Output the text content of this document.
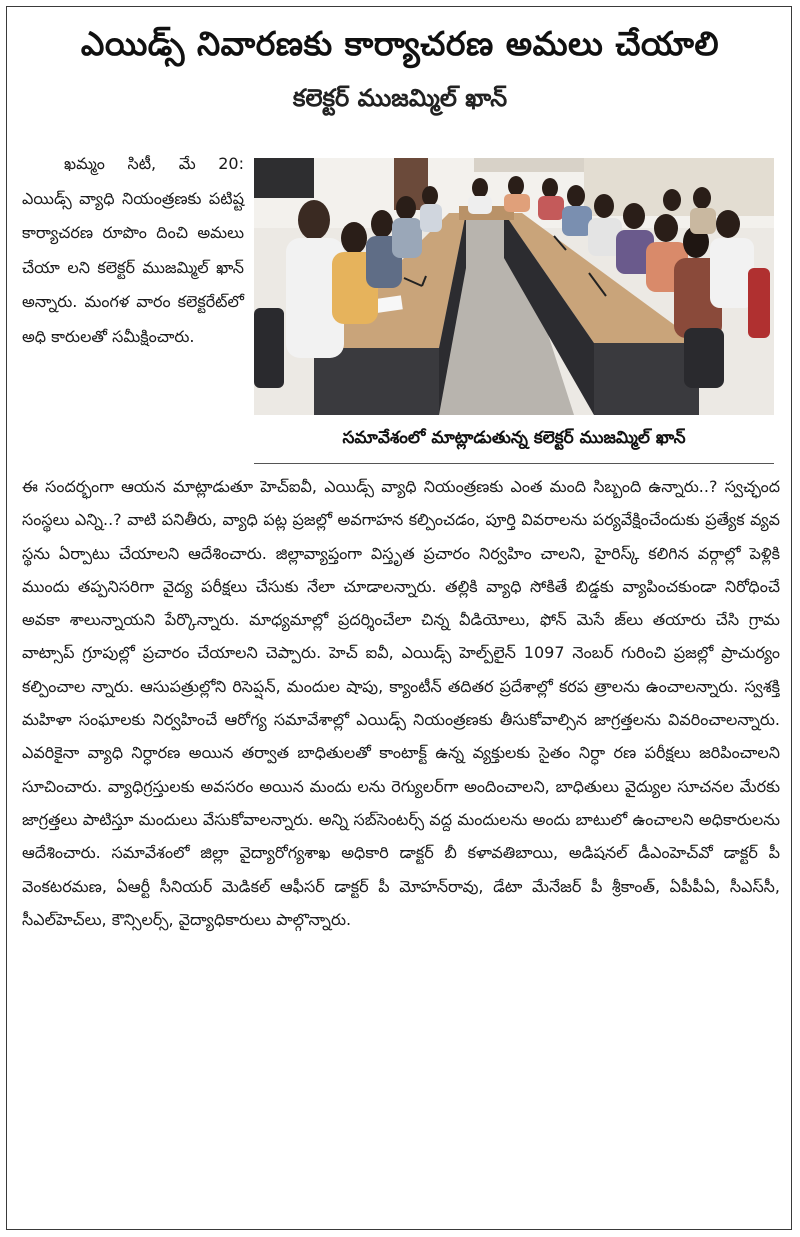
ఎయిడ్స్ నివారణకు కార్యాచరణ అమలు చేయాలి
కలెక్టర్ ముజమ్మిల్ ఖాన్

ఖమ్మం సిటీ, మే 20: ఎయిడ్స్ వ్యాధి నియంత్రణకు పటిష్ట కార్యాచరణ రూపొం దించి అమలు చేయా లని కలెక్టర్ ముజమ్మిల్ ఖాన్ అన్నారు. మంగళ వారం కలెక్టరేట్‌లో అధి కారులతో సమీక్షించారు.

సమావేశంలో మాట్లాడుతున్న కలెక్టర్ ముజమ్మిల్ ఖాన్

ఈ సందర్భంగా ఆయన మాట్లాడుతూ హెచ్ఐవీ, ఎయిడ్స్ వ్యాధి నియంత్రణకు ఎంత మంది సిబ్బంది ఉన్నారు..? స్వచ్ఛంద సంస్థలు ఎన్ని..? వాటి పనితీరు, వ్యాధి పట్ల ప్రజల్లో అవగాహన కల్పించడం, పూర్తి వివరాలను పర్యవేక్షించేందుకు ప్రత్యేక వ్యవ స్థను ఏర్పాటు చేయాలని ఆదేశించారు. జిల్లావ్యాప్తంగా విస్తృత ప్రచారం నిర్వహిం చాలని, హైరిస్క్ కలిగిన వర్గాల్లో పెళ్లికి ముందు తప్పనిసరిగా వైద్య పరీక్షలు చేసుకు నేలా చూడాలన్నారు. తల్లికి వ్యాధి సోకితే బిడ్డకు వ్యాపించకుండా నిరోధించే అవకా శాలున్నాయని పేర్కొన్నారు. మాధ్యమాల్లో ప్రదర్శించేలా చిన్న వీడియోలు, ఫోన్ మెసే జ్‌లు తయారు చేసి గ్రామ వాట్సాప్ గ్రూపుల్లో ప్రచారం చేయాలని చెప్పారు. హెచ్ ఐవీ, ఎయిడ్స్ హెల్ప్‌లైన్ 1097 నెంబర్ గురించి ప్రజల్లో ప్రాచుర్యం కల్పించాల న్నారు. ఆసుపత్రుల్లోని రిసెప్షన్, మందుల షాపు, క్యాంటీన్ తదితర ప్రదేశాల్లో కరప త్రాలను ఉంచాలన్నారు. స్వశక్తి మహిళా సంఘాలకు నిర్వహించే ఆరోగ్య సమావేశాల్లో ఎయిడ్స్ నియంత్రణకు తీసుకోవాల్సిన జాగ్రత్తలను వివరించాలన్నారు. ఎవరికైనా వ్యాధి నిర్ధారణ అయిన తర్వాత బాధితులతో కాంటాక్ట్ ఉన్న వ్యక్తులకు సైతం నిర్ధా రణ పరీక్షలు జరిపించాలని సూచించారు. వ్యాధిగ్రస్తులకు అవసరం అయిన మందు లను రెగ్యులర్‌గా అందించాలని, బాధితులు వైద్యుల సూచనల మేరకు జాగ్రత్తలు పాటిస్తూ మందులు వేసుకోవాలన్నారు. అన్ని సబ్‌సెంటర్స్ వద్ద మందులను అందు బాటులో ఉంచాలని అధికారులను ఆదేశించారు. సమావేశంలో జిల్లా వైద్యారోగ్యశాఖ అధికారి డాక్టర్ బీ కళావతిబాయి, అడిషనల్ డీఎంహెచ్‌వో డాక్టర్ పీ వెంకటరమణ, ఏఆర్టీ సీనియర్ మెడికల్ ఆఫీసర్ డాక్టర్ పీ మోహన్‌రావు, డేటా మేనేజర్ పీ శ్రీకాంత్, ఏపీపీఏ, సీఎస్‌సీ, సీఎల్‌హెచ్‌లు, కౌన్సిలర్స్, వైద్యాధికారులు పాల్గొన్నారు.
